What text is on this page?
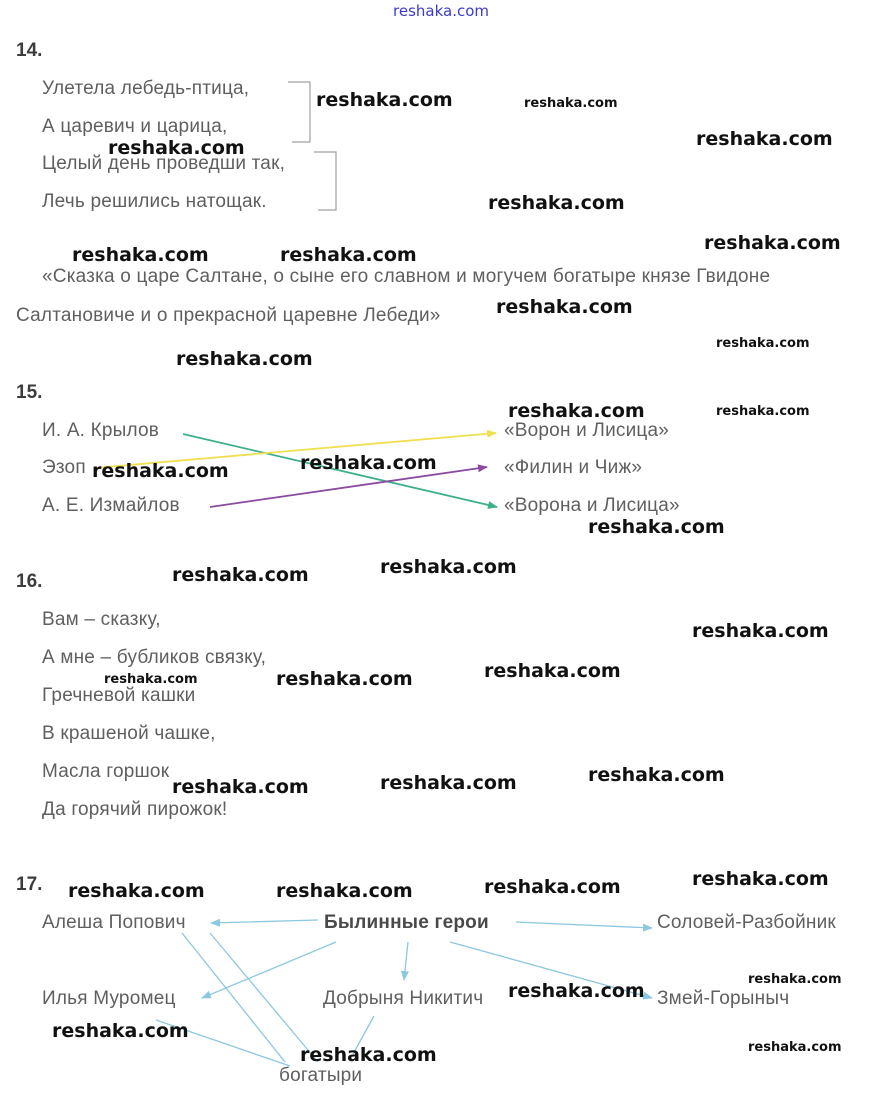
reshaka.com
14.
Улетела лебедь-птица,
А царевич и царица,
Целый день проведши так,
Лечь решились натощак.
«Сказка о царе Салтане, о сыне его славном и могучем богатыре князе Гвидоне
Салтановиче и о прекрасной царевне Лебеди»
15.
И. А. Крылов
Эзоп
А. Е. Измайлов
«Ворон и Лисица»
«Филин и Чиж»
«Ворона и Лисица»
16.
Вам – сказку,
А мне – бубликов связку,
Гречневой кашки
В крашеной чашке,
Масла горшок
Да горячий пирожок!
17.
Алеша Попович	Былинные герои	Соловей-Разбойник
Илья Муромец	Добрыня Никитич	Змей-Горыныч
богатыри
reshaka.com	reshaka.com
reshaka.com
reshaka.com
reshaka.com
reshaka.com
reshaka.com	reshaka.com
reshaka.com
reshaka.com
reshaka.com
reshaka.com	reshaka.com
reshaka.com
reshaka.com
reshaka.com
reshaka.com
reshaka.com
reshaka.com
reshaka.com
reshaka.com	reshaka.com
reshaka.com
reshaka.com
reshaka.com
reshaka.com
reshaka.com
reshaka.com	reshaka.com
reshaka.com
reshaka.com
reshaka.com
reshaka.com
reshaka.com
